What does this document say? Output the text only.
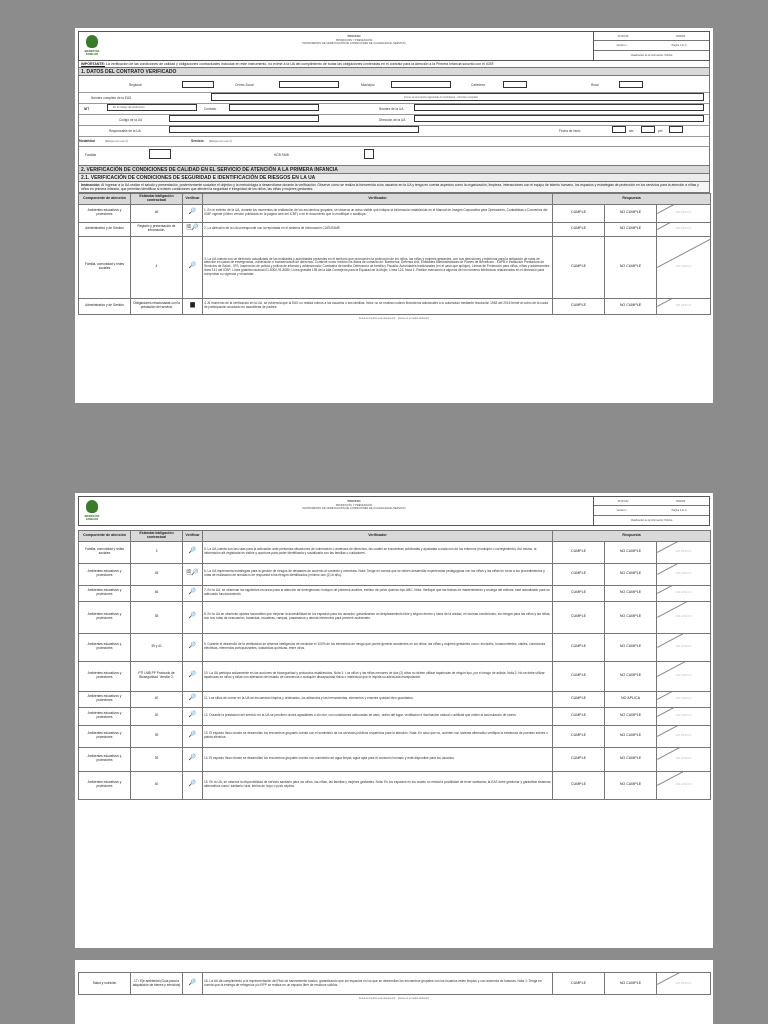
BIENESTAR FAMILIAR
PROCESO
PROMOCIÓN Y PREVENCIÓN
INSTRUMENTO DE VERIFICACIÓN DE CONDICIONES DE CALIDAD EN EL SERVICIO
00.00.F32	00/00/00
Versión 1	Página 1 de 3
Clasificación de la Información: Pública
IMPORTANTE: La verificación de las condiciones de calidad y obligaciones contractuales incluidas en este instrumento, no exime a la UA del cumplimiento de todas las obligaciones contenidas en el contrato para la Atención a la Primera Infancia suscrito con el ICBF.
1. DATOS DEL CONTRATO VERIFICADO
Regional	Centro Zonal	Municipio	Cabecera	Rural
Nombre completo de la EAS	Como se encuentra registrado en Cuéntame - Nombre completo
NIT	En el código de verificación	Contrato	Nombre de la UA
Código de la UA	Dirección de la UA
Responsable de la UA	Fecha de inicio	am	pm
Modalidad	(Marque con una X)	Servicio: (Marque con una X)
Familiar	HCB FAMI
2. VERIFICACIÓN DE CONDICIONES DE CALIDAD EN EL SERVICIO DE ATENCIÓN A LA PRIMERA INFANCIA
2.1. VERIFICACIÓN DE CONDICIONES DE SEGURIDAD E IDENTIFICACIÓN DE RIESGOS EN LA UA
Instrucción: Al ingresar a la UA realice el saludo y presentación, posteriormente socialice el objetivo y la metodología a desarrollarse durante la verificación. Observe cómo se realiza la bienvenida a los usuarios en la UA y tenga en cuenta aspectos como la organización, limpieza, interacciones con el equipo de talento humano, los espacios y estrategias de protección en los servicios para la atención a niñas y niños en primera infancia, que permitan identificar si existen condiciones que afecten la seguridad e integridad de los niños, las niñas y mujeres gestantes.
Componente de atención	Estándar/obligación contractual	Verificar	Verificador	Respuesta		
Ambientes educativos y protectores	46	🔎	1. En el exterior de la UA, durante los momentos de realización de los encuentros grupales, se observa un aviso visible que indique la información establecida en el Manual de Imagen Corporativa para Operadores, Contratistas o Convenios del ICBF vigente (último versión publicada en la página web del ICBF) o en el documento que lo modifique o sustituya.	CUMPLE	NO CUMPLE	NO APLICA
Administrativo y de Gestión	Registro y presentación de información.	🗎🔎	2. La dirección de la UA corresponde con la reportada en el sistema de información CUÉNTAME	CUMPLE	NO CUMPLE	NO APLICA
Familia, comunidad y redes sociales	4	🔎	3. La UA cuenta con un directorio actualizado de las entidades y autoridades presentes en el territorio que promueven la protección de los niños, las niñas y mujeres gestantes, con sus direcciones y teléfonos para la activación de rutas de atención en casos de emergencias, vulneración e inobservancia de derechos. Contiene como mínimo los datos de contacto de: Bomberos; Defensa civil; Entidades Administradoras de Planes de Beneficios - EAPB e Institución Prestadora de Servicios de Salud - IPS; Inspección de policía y policía de infancia y adolescencia; Comisaría de familia, Defensoría de familia y Fiscalía; Autoridades tradicionales (en el caso que aplique); Líneas de Protección para niños, niñas y adolescentes: línea 141 del ICBF; Línea gratuita nacional 01-8000-91-8080; Línea gratuita 155 de la Alta Consejería para la Equidad de la Mujer; Línea 123. Nota 1: Realice marcación a algunos de los números telefónicos relacionados en el directorio para comprobar su vigencia y veracidad.	CUMPLE	NO CUMPLE	NO APLICA
Administrativo y de Gestión	Obligaciones relacionadas con la prestación del servicio	▆	4. Al momento de la verificación en la UA, se evidencia que la EAS no realiza cobros a los usuarios o sus familias. Nota: no se realizan cobros financieros adicionales a lo autorizado mediante resolución 1983 del 2016 frente al cobro de la cuota de participación acordado en asambleas de padres.	CUMPLE	NO CUMPLE	NO APLICA
Antes de imprimir este documento... piense en el medio ambiente!
BIENESTAR FAMILIAR
PROCESO
PROMOCIÓN Y PREVENCIÓN
INSTRUMENTO DE VERIFICACIÓN DE CONDICIONES DE CALIDAD EN EL SERVICIO
00.00.F32	00/00/00
Versión 1	Página 1 de 3
Clasificación de la Información: Pública
Componente de atención	Estándar/obligación contractual	Verificar	Verificador	Respuesta		
Familia, comunidad y redes sociales	3	🔎	5. La UA cuenta con las rutas para la activación ante presuntas situaciones de vulneración o amenaza de derechos, las cuales se encuentran publicadas y ajustadas a cada uno de los entornos (municipio o corregimiento). Así mismo, la información allí registrada es visible y oportuna para poder identificarla y socializarla con las familias o cuidadores.	CUMPLE	NO CUMPLE	NO APLICA
Ambientes educativos y protectores	45	🗎🔎	6. La UA implementa estrategias para la gestión de riesgos de desastres de acuerdo al contexto y cobertura. Nota: Tenga en cuenta que se deben desarrollar experiencias pedagógicas con los niños y las niñas en torno a los procedimientos y rutas de realización de simulacro de respuesta a los riesgos identificados (mínimo dos (2) al año).	CUMPLE	NO CUMPLE	NO APLICA
Ambientes educativos y protectores	46	🔎	7. En la UA, se observan los siguientes recursos para la atención de emergencias: botiquín de primeros auxilios, extintor de polvo químico tipo ABC. Nota: Verifique que las fechas de mantenimiento y recarga del extintor, esté actualizado para su adecuado funcionamiento.	CUMPLE	NO CUMPLE	NO APLICA
Ambientes educativos y protectores	35	🔎	8. En la UA se observan ajustes razonables que mejoran la accesibilidad de los espacios para los usuarios, garantizando un desplazamiento libre y seguro dentro y fuera de la unidad, en buenas condiciones, sin riesgos para los niños y las niñas, con sus rutas de evacuación, barandas, escaleras, rampas, pasamanos y demás elementos para prevenir accidentes.	CUMPLE	NO CUMPLE	NO APLICA
Ambientes educativos y protectores	39 y 41	🔎	9. Durante el desarrollo de la verificación se observa inteligencia de medición el 100% de los elementos de riesgo que puede generar accidentes en los niños, las niñas y mujeres gestantes como: enchufes, tomacorrientes, cables, conexiones eléctricas, elementos cortopunzantes, sustancias químicas, entre otros.	CUMPLE	NO CUMPLE	NO APLICA
Ambientes educativos y protectores	PTI LMB PP Protocolo de Bioseguridad. Versión 2.	🔎	10. La UA participa activamente en las acciones de bioseguridad y protocolos establecidos. Nota 1: Los niños y las niñas menores de dos (2) años no deben utilizar tapabocas de ningún tipo, por el riesgo de asfixia. Nota 2: No se debe utilizar tapabocas en niños y niñas con alteración del estado de conciencia o cualquier discapacidad física o intelectual que le impida su adecuada manipulación.	CUMPLE	NO CUMPLE	NO APLICA
Ambientes educativos y protectores	40	🔎	11. Los sitios de comer en la UA se encuentran limpios y ordenados, los alimentos y las herramientas, elementos y enseres quedan bien guardados.	CUMPLE	NO APLICA	NO APLICA
Ambientes educativos y protectores	40	🔎	12. Durante la prestación del servicio en la UA se perciben olores agradables o sin olor, con condiciones adecuadas de aseo, orden del lugar, ventilación e iluminación natural o artificial que eviten la acumulación de olores.	CUMPLE	NO CUMPLE	NO APLICA
Ambientes educativos y protectores	39	🔎	13. El espacio físico donde se desarrollan los encuentros grupales cuenta con el suministro de los servicios públicos requeridos para la atención. Nota: En caso que no, cuenten con sistema alternativo verifique la existencia de puentes sobres o planta eléctrica.	CUMPLE	NO CUMPLE	NO APLICA
Ambientes educativos y protectores	39	🔎	14. El espacio físico donde se desarrollan los encuentros grupales cuenta con suministro de agua limpia, agua apta para el consumo humano y está disponible para los usuarios.	CUMPLE	NO CUMPLE	NO APLICA
Ambientes educativos y protectores	40	🔎	15. En la UA, se observa la disponibilidad de servicio sanitario para los niños, las niñas, las familias y mujeres gestantes. Nota: En los espacios en los cuales no exista la posibilidad de tener sanitarios, la EAS debe gestionar y garantizar sistemas alternativos como: sanitario rural, letrina de hoyo o pozo séptico.	CUMPLE	NO CUMPLE	NO APLICA
Salud y nutrición	17 / Eje ambiental (Guía para la adquisición de bienes y servicios)	🔎	16. La UA dá cumplimiento a la implementación del Plan de saneamiento básico, garantizando que los espacios en los que se desarrollan los encuentros grupales con los usuarios estén limpios y con ausencia de basuras. Nota 1: Tenga en cuenta que la entrega de refrigerios y/o RPP se realiza en un espacio libre de residuos sólidos.	CUMPLE	NO CUMPLE	NO APLICA
Antes de imprimir este documento... piense en el medio ambiente!
